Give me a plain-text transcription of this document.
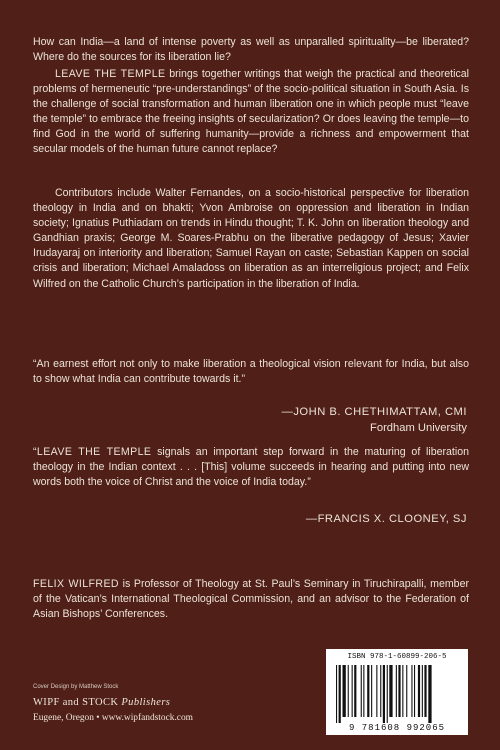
How can India—a land of intense poverty as well as unparalled spirituality—be liberated? Where do the sources for its liberation lie?

LEAVE THE TEMPLE brings together writings that weigh the practical and theoretical problems of hermeneutic “pre-understandings” of the socio-political situation in South Asia. Is the challenge of social transformation and human liberation one in which people must “leave the temple” to embrace the freeing insights of secularization? Or does leaving the temple—to find God in the world of suffering humanity—provide a richness and empowerment that secular models of the human future cannot replace?

Contributors include Walter Fernandes, on a socio-historical perspective for liberation theology in India and on bhakti; Yvon Ambroise on oppression and liberation in Indian society; Ignatius Puthiadam on trends in Hindu thought; T. K. John on liberation theology and Gandhian praxis; George M. Soares-Prabhu on the liberative pedagogy of Jesus; Xavier Irudayaraj on interiority and liberation; Samuel Rayan on caste; Sebastian Kappen on social crisis and liberation; Michael Amaladoss on liberation as an interreligious project; and Felix Wilfred on the Catholic Church’s participation in the liberation of India.

“An earnest effort not only to make liberation a theological vision relevant for India, but also to show what India can contribute towards it.”

—JOHN B. CHETHIMATTAM, CMI

Fordham University

“LEAVE THE TEMPLE signals an important step forward in the maturing of liberation theology in the Indian context . . . [This] volume succeeds in hearing and putting into new words both the voice of Christ and the voice of India today.”

—FRANCIS X. CLOONEY, SJ

FELIX WILFRED is Professor of Theology at St. Paul’s Seminary in Tiruchirapalli, member of the Vatican’s International Theological Commission, and an advisor to the Federation of Asian Bishops’ Conferences.

Cover Design by Matthew Stock
WIPF and STOCK Publishers
Eugene, Oregon • www.wipfandstock.com
ISBN 978-1-60899-206-5
9 781608 992065
